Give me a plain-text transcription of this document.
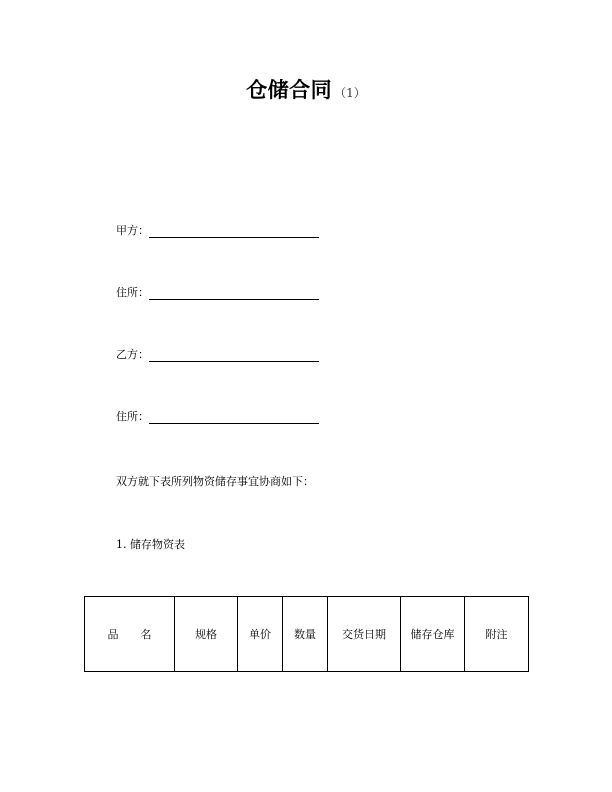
仓储合同 （1）
甲方：
住所：
乙方：
住所：
双方就下表所列物资储存事宜协商如下：
1. 储存物资表
品　　名	规格	单价	数量	交货日期	储存仓库	附注
